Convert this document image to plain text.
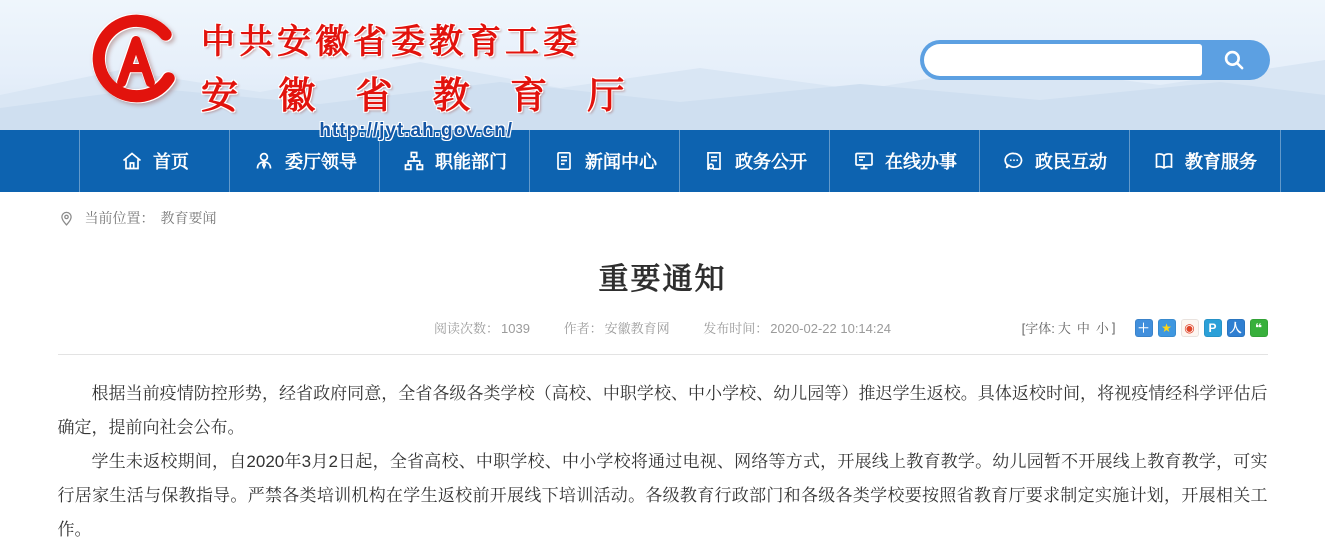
中共安徽省委教育工委
安 徽 省 教 育 厅
http://jyt.ah.gov.cn/
首页	委厅领导	职能部门	新闻中心	政务公开	在线办事	政民互动	教育服务
当前位置： 教育要闻
重要通知
阅读次数： 1039	作者： 安徽教育网	发布时间： 2020-02-22 10:14:24	[字体: 大 中 小 ] ＋ ★	◉	P	人	❝

根据当前疫情防控形势，经省政府同意，全省各级各类学校（高校、中职学校、中小学校、幼儿园等）推迟学生返校。具体返校时间，将视疫情经科学评估后确定，提前向社会公布。

学生未返校期间，自2020年3月2日起，全省高校、中职学校、中小学校将通过电视、网络等方式，开展线上教育教学。幼儿园暂不开展线上教育教学，可实行居家生活与保教指导。严禁各类培训机构在学生返校前开展线下培训活动。各级教育行政部门和各级各类学校要按照省教育厅要求制定实施计划，开展相关工作。
